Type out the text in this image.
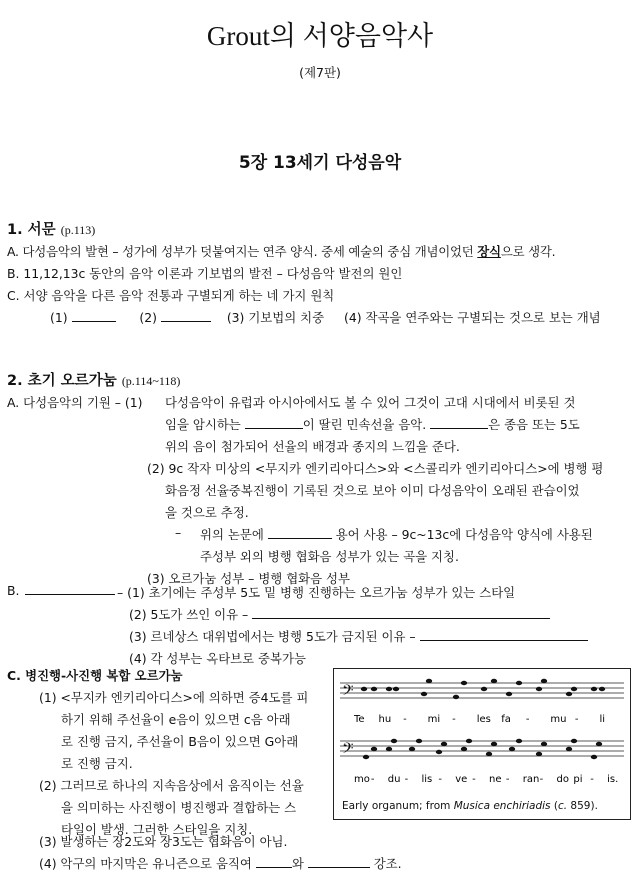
Grout의 서양음악사
(제7판)
5장 13세기 다성음악
1. 서문 (p.113)
A. 다성음악의 발현 – 성가에 성부가 덧붙여지는 연주 양식. 중세 예술의 중심 개념이었던 장식으로 생각.
B. 11,12,13c 동안의 음악 이론과 기보법의 발전 – 다성음악 발전의 원인
C. 서양 음악을 다른 음악 전통과 구별되게 하는 네 가지 원칙
(1)	(2)	(3) 기보법의 치중 (4) 작곡을 연주와는 구별되는 것으로 보는 개념
2. 초기 오르가눔 (p.114~118)
A. 다성음악의 기원 – (1) 다성음악이 유럽과 아시아에서도 볼 수 있어 그것이 고대 시대에서 비롯된 것
임을 암시하는	이 딸린 민속선율 음악.	은 종음 또는 5도
위의 음이 첨가되어 선율의 배경과 종지의 느낌을 준다.
(2) 9c 작자 미상의 <무지카 엔키리아디스>와 <스콜리카 엔키리아디스>에 병행 평
화음정 선율중복진행이 기록된 것으로 보아 이미 다성음악이 오래된 관습이었
을 것으로 추정.
– 위의 논문에	용어 사용 – 9c~13c에 다성음악 양식에 사용된
주성부 외의 병행 협화음 성부가 있는 곡을 지칭.
(3) 오르가눔 성부 – 병행 협화음 성부
B.	– (1) 초기에는 주성부 5도 밑 병행 진행하는 오르가눔 성부가 있는 스타일
(2) 5도가 쓰인 이유 –
(3) 르네상스 대위법에서는 병행 5도가 금지된 이유 –
(4) 각 성부는 옥타브로 중복가능
C. 병진행-사진행 복합 오르가눔
(1) <무지카 엔키리아디스>에 의하면 증4도를 피
하기 위해 주선율이 e음이 있으면 c음 아래
로 진행 금지, 주선율이 B음이 있으면 G아래
로 진행 금지.
(2) 그러므로 하나의 지속음상에서 움직이는 선율
을 의미하는 사진행이 병진행과 결합하는 스
타일이 발생. 그러한 스타일을 지칭.
(3) 발생하는 장2도와 장3도는 협화음이 아님.
(4) 악구의 마지막은 유니즌으로 움직여	와	강조.
𝄢
𝄢
Te hu - mi - les fa - mu - li
mo - du - lis - ve - ne - ran - do pi - is.
Early organum; from Musica enchiriadis (c. 859).
